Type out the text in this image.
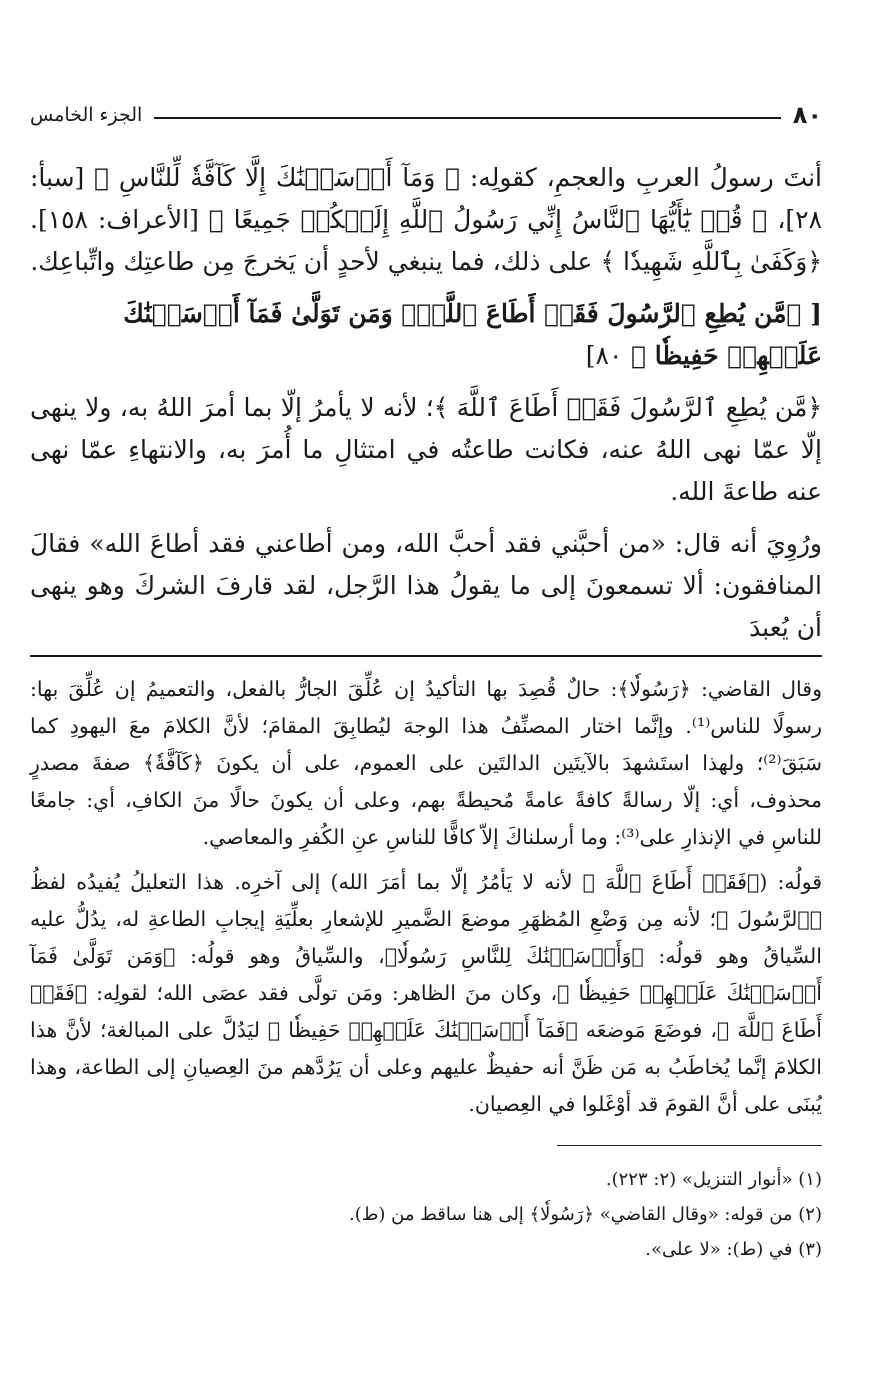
٨٠
الجزء الخامس

أنتَ رسولُ العربِ والعجمِ، كقولِه: ﴿ وَمَآ أَرۡسَلۡنَٰكَ إِلَّا كَآفَّةٗ لِّلنَّاسِ ﴾ [سبأ: ٢٨]، ﴿ قُلۡ يَٰٓأَيُّهَا ٱلنَّاسُ إِنِّي رَسُولُ ٱللَّهِ إِلَيۡكُمۡ جَمِيعًا ﴾ [الأعراف: ١٥٨]. ﴿وَكَفَىٰ بِٱللَّهِ شَهِيدٗا ﴾ على ذلك، فما ينبغي لأحدٍ أن يَخرجَ مِن طاعتِك واتِّباعِك.

[ ﴿مَّن يُطِعِ ٱلرَّسُولَ فَقَدۡ أَطَاعَ ٱللَّهَۖ وَمَن تَوَلَّىٰ فَمَآ أَرۡسَلۡنَٰكَ عَلَيۡهِمۡ حَفِيظٗا ﴾ ٨٠]

﴿مَّن يُطِعِ ٱلرَّسُولَ فَقَدۡ أَطَاعَ ٱللَّهَ ﴾؛ لأنه لا يأمرُ إلّا بما أمرَ اللهُ به، ولا ينهى إلّا عمّا نهى اللهُ عنه، فكانت طاعتُه في امتثالِ ما أُمرَ به، والانتهاءِ عمّا نهى عنه طاعةَ الله.

ورُوِيَ أنه قال: «من أحبَّني فقد أحبَّ الله، ومن أطاعني فقد أطاعَ الله» فقالَ المنافقون: ألا تسمعونَ إلى ما يقولُ هذا الرَّجل، لقد قارفَ الشركَ وهو ينهى أن يُعبدَ

وقال القاضي: ﴿رَسُولٗا﴾: حالٌ قُصِدَ بها التأكيدُ إن عُلِّقَ الجارُّ بالفعل، والتعميمُ إن عُلِّقَ بها: رسولًا للناس⁽¹⁾. وإنَّما اختار المصنِّفُ هذا الوجهَ ليُطابِقَ المقامَ؛ لأنَّ الكلامَ معَ اليهودِ كما سَبَقَ⁽²⁾؛ ولهذا استَشهدَ بالآيتَين الدالتَين على العموم، على أن يكونَ ﴿كَآفَّةٗ﴾ صفةَ مصدرٍ محذوف، أي: إلّا رسالةً كافةً عامةً مُحيطةً بهم، وعلى أن يكونَ حالًا منَ الكافِ، أي: جامعًا للناسِ في الإنذارِ على⁽³⁾: وما أرسلناكَ إلاّ كافًّا للناسِ عنِ الكُفرِ والمعاصي.

قولُه: (﴿فَقَدۡ أَطَاعَ ٱللَّهَ ﴾ لأنه لا يَأمُرُ إلّا بما أمَرَ الله) إلى آخرِه. هذا التعليلُ يُفيدُه لفظُ ﴿ٱلرَّسُولَ ﴾؛ لأنه مِن وَضْعِ المُظهَرِ موضعَ الضَّميرِ للإشعارِ بعلِّيَةِ إيجابِ الطاعةِ له، يدُلُّ عليه السِّياقُ وهو قولُه: ﴿وَأَرۡسَلۡنَٰكَ لِلنَّاسِ رَسُولٗا﴾، والسِّياقُ وهو قولُه: ﴿وَمَن تَوَلَّىٰ فَمَآ أَرۡسَلۡنَٰكَ عَلَيۡهِمۡ حَفِيظٗا ﴾، وكان منَ الظاهر: ومَن تولَّى فقد عصَى الله؛ لقولِه: ﴿فَقَدۡ أَطَاعَ ٱللَّهَ ﴾، فوضَعَ مَوضعَه ﴿فَمَآ أَرۡسَلۡنَٰكَ عَلَيۡهِمۡ حَفِيظٗا ﴾ ليَدُلَّ على المبالغة؛ لأنَّ هذا الكلامَ إنَّما يُخاطَبُ به مَن ظَنَّ أنه حفيظٌ عليهم وعلى أن يَرُدَّهم منَ العِصيانِ إلى الطاعة، وهذا يُبنَى على أنَّ القومَ قد أوْغَلوا في العِصيان.

(١) «أنوار التنزيل» (٢: ٢٢٣).
(٢) من قوله: «وقال القاضي» ﴿رَسُولٗا﴾ إلى هنا ساقط من (ط).
(٣) في (ط): «لا على».
